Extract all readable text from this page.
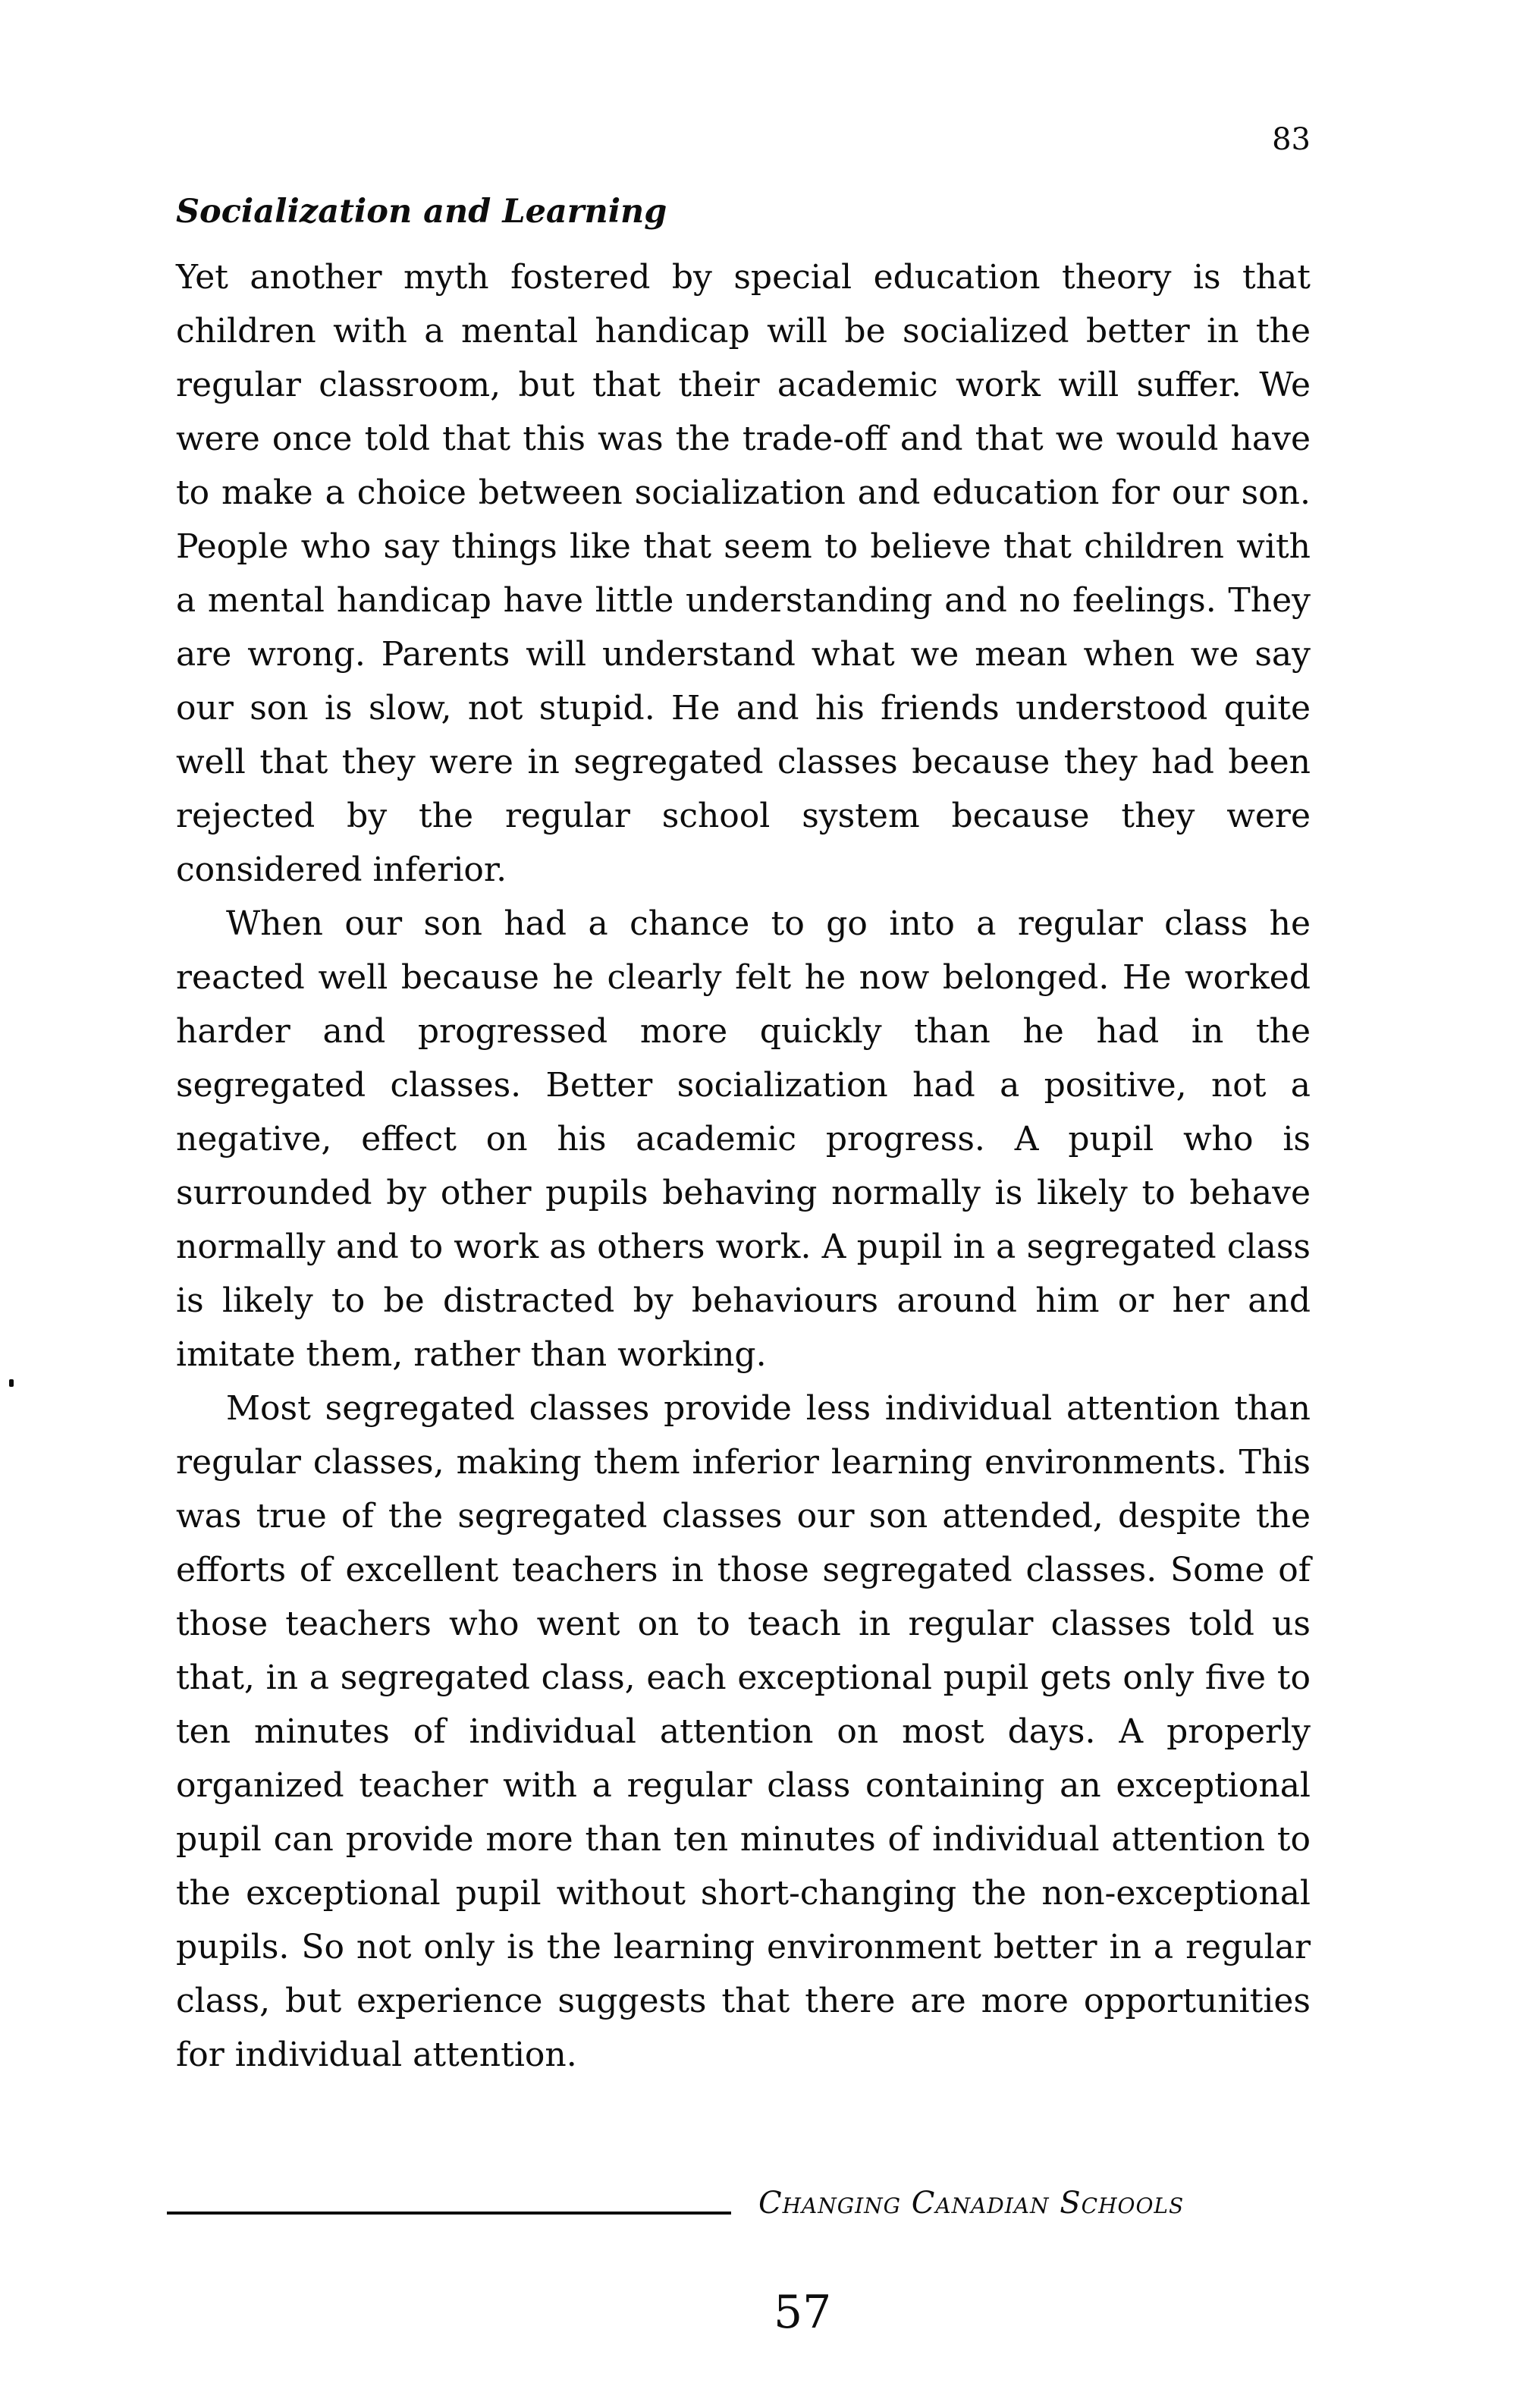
83
Socialization and Learning

Yet another myth fostered by special education theory is that children with a mental handicap will be socialized better in the regular classroom, but that their academic work will suffer. We were once told that this was the trade-off and that we would have to make a choice between socialization and education for our son. People who say things like that seem to believe that children with a mental handicap have little understanding and no feelings. They are wrong. Parents will understand what we mean when we say our son is slow, not stupid. He and his friends understood quite well that they were in segregated classes because they had been rejected by the regular school system because they were considered inferior.

When our son had a chance to go into a regular class he reacted well because he clearly felt he now belonged. He worked harder and progressed more quickly than he had in the segregated classes. Better socialization had a positive, not a negative, effect on his academic progress. A pupil who is surrounded by other pupils behaving normally is likely to behave normally and to work as others work. A pupil in a segregated class is likely to be distracted by behaviours around him or her and imitate them, rather than working.

Most segregated classes provide less individual attention than regular classes, making them inferior learning environments. This was true of the segregated classes our son attended, despite the efforts of excellent teachers in those segregated classes. Some of those teachers who went on to teach in regular classes told us that, in a segregated class, each exceptional pupil gets only five to ten minutes of individual attention on most days. A properly organized teacher with a regular class containing an exceptional pupil can provide more than ten minutes of individual attention to the exceptional pupil without short-changing the non-exceptional pupils. So not only is the learning environment better in a regular class, but experience suggests that there are more opportunities for individual attention.

Changing Canadian Schools
57
